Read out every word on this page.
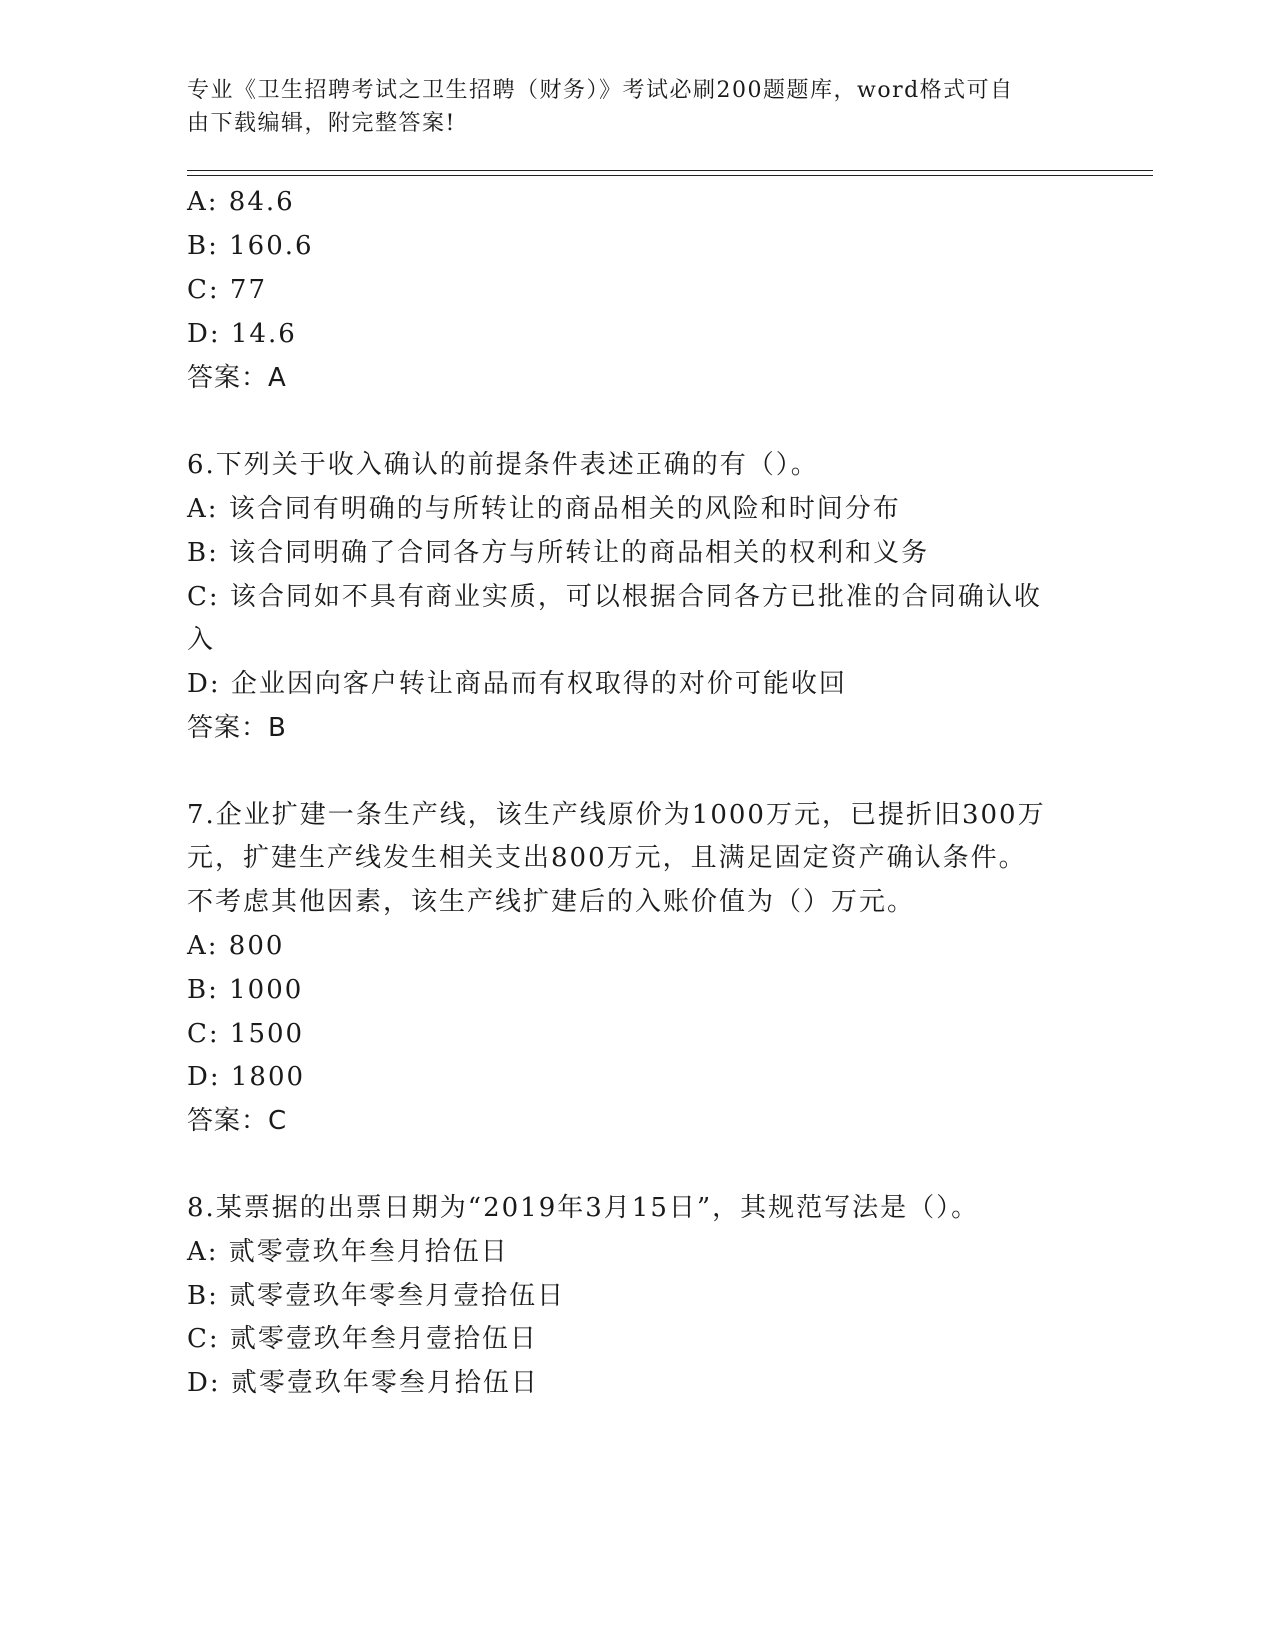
专业《卫生招聘考试之卫生招聘（财务）》考试必刷200题题库，word格式可自
由下载编辑，附完整答案!
A: 84.6
B: 160.6
C: 77
D: 14.6
答案：A
6.下列关于收入确认的前提条件表述正确的有（）。
A: 该合同有明确的与所转让的商品相关的风险和时间分布
B: 该合同明确了合同各方与所转让的商品相关的权利和义务
C: 该合同如不具有商业实质，可以根据合同各方已批准的合同确认收
入
D: 企业因向客户转让商品而有权取得的对价可能收回
答案：B
7.企业扩建一条生产线，该生产线原价为1000万元，已提折旧300万
元，扩建生产线发生相关支出800万元，且满足固定资产确认条件。
不考虑其他因素，该生产线扩建后的入账价值为（）万元。
A: 800
B: 1000
C: 1500
D: 1800
答案：C
8.某票据的出票日期为“2019年3月15日”，其规范写法是（）。
A: 贰零壹玖年叁月拾伍日
B: 贰零壹玖年零叁月壹拾伍日
C: 贰零壹玖年叁月壹拾伍日
D: 贰零壹玖年零叁月拾伍日
